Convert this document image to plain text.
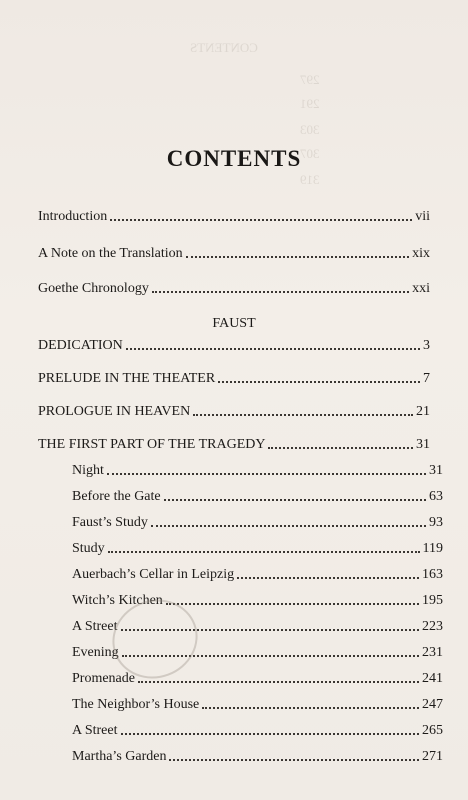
CONTENTS
297
291
303
307
319
CONTENTS
Introduction	vii
A Note on the Translation	xix
Goethe Chronology	xxi
FAUST
DEDICATION	3
PRELUDE IN THE THEATER	7
PROLOGUE IN HEAVEN	21
THE FIRST PART OF THE TRAGEDY	31
Night	31
Before the Gate	63
Faust’s Study	93
Study	119
Auerbach’s Cellar in Leipzig	163
Witch’s Kitchen	195
A Street	223
Evening	231
Promenade	241
The Neighbor’s House	247
A Street	265
Martha’s Garden	271
